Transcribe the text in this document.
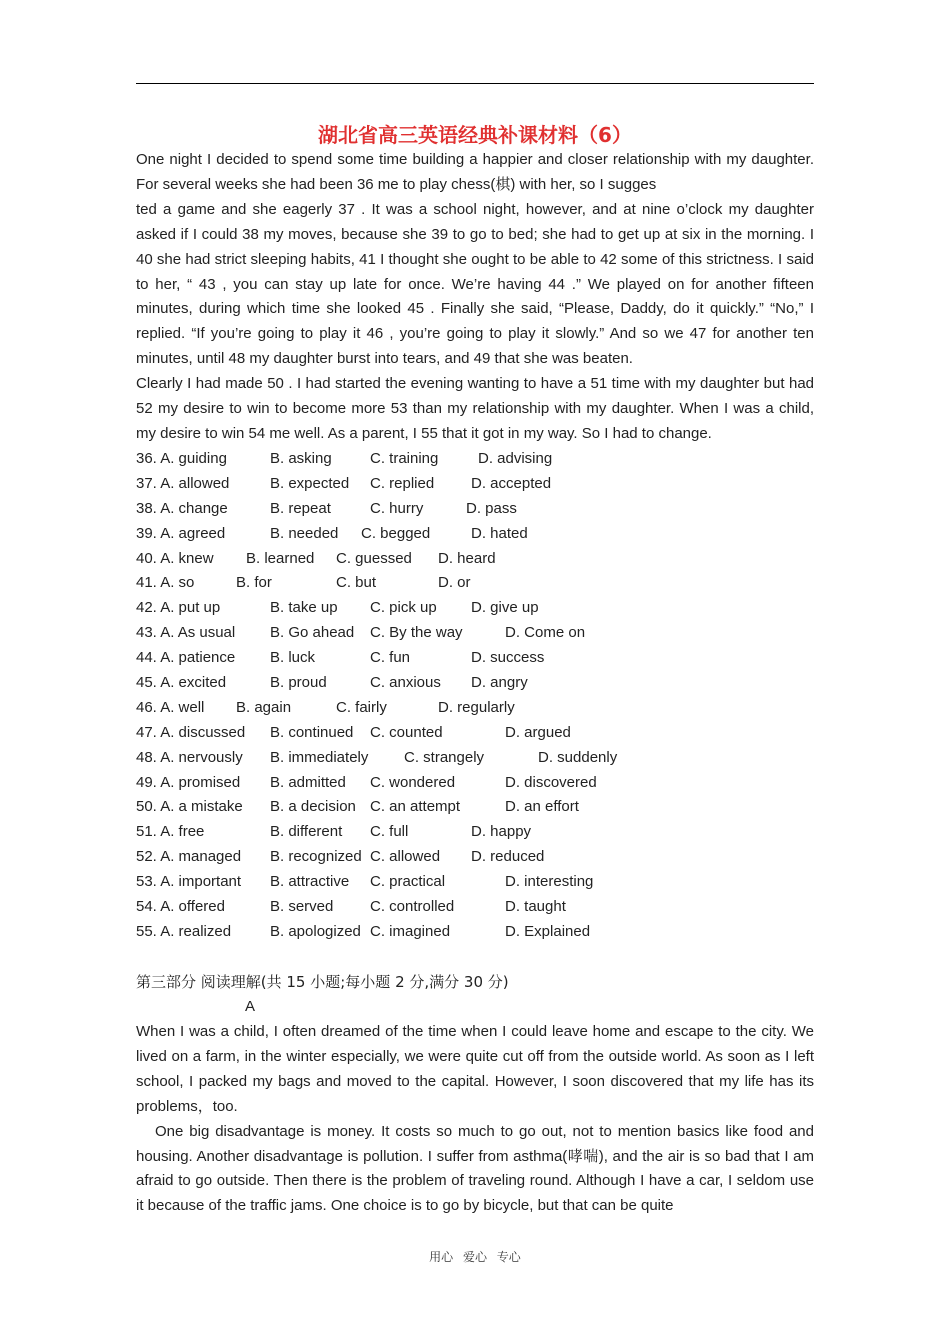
湖北省高三英语经典补课材料（6）

One night I decided to spend some time building a happier and closer relationship with my daughter. For several weeks she had been 36 me to play chess(棋) with her, so I sugges

ted a game and she eagerly 37 . It was a school night, however, and at nine o’clock my daughter asked if I could 38 my moves, because she 39 to go to bed; she had to get up at six in the morning. I 40 she had strict sleeping habits, 41 I thought she ought to be able to 42 some of this strictness. I said to her, “ 43 , you can stay up late for once. We’re having 44 .” We played on for another fifteen minutes, during which time she looked 45 . Finally she said, “Please, Daddy, do it quickly.” “No,” I replied. “If you’re going to play it 46 , you’re going to play it slowly.” And so we 47 for another ten minutes, until 48 my daughter burst into tears, and 49 that she was beaten.

Clearly I had made 50 . I had started the evening wanting to have a 51 time with my daughter but had 52 my desire to win to become more 53 than my relationship with my daughter. When I was a child, my desire to win 54 me well. As a parent, I 55 that it got in my way. So I had to change.

36. A. guiding	B. asking	C. training	D. advising
37. A. allowed	B. expected C. replied D. accepted
38. A. change	B. repeat	C. hurry	D. pass
39. A. agreed	B. needed C. begged	D. hated
40. A. knew B. learned C. guessed D. heard
41. A. so	B. for	C. but	D. or
42. A. put up	B. take up C. pick up D. give up
43. A. As usual B. Go ahead C. By the way	D. Come on
44. A. patience B. luck	C. fun	D. success
45. A. excited	B. proud	C. anxious D. angry
46. A. well B. again	C. fairly	D. regularly
47. A. discussed B. continued C. counted	D. argued
48. A. nervously B. immediately C. strangely	D. suddenly
49. A. promised B. admitted C. wondered	D. discovered
50. A. a mistake B. a decision C. an attempt	D. an effort
51. A. free	B. different C. full	D. happy
52. A. managed B. recognized C. allowed D. reduced
53. A. important B. attractive C. practical	D. interesting
54. A. offered	B. served C. controlled	D. taught
55. A. realized	B. apologized C. imagined	D. Explained
第三部分 阅读理解(共 15 小题;每小题 2 分,满分 30 分)
A

When I was a child, I often dreamed of the time when I could leave home and escape to the city. We lived on a farm, in the winter especially, we were quite cut off from the outside world. As soon as I left school, I packed my bags and moved to the capital. However, I soon discovered that my life has its problems，too.

One big disadvantage is money. It costs so much to go out, not to mention basics like food and housing. Another disadvantage is pollution. I suffer from asthma(哮喘), and the air is so bad that I am afraid to go outside. Then there is the problem of traveling round. Although I have a car, I seldom use it because of the traffic jams. One choice is to go by bicycle, but that can be quite

用心 爱心 专心
